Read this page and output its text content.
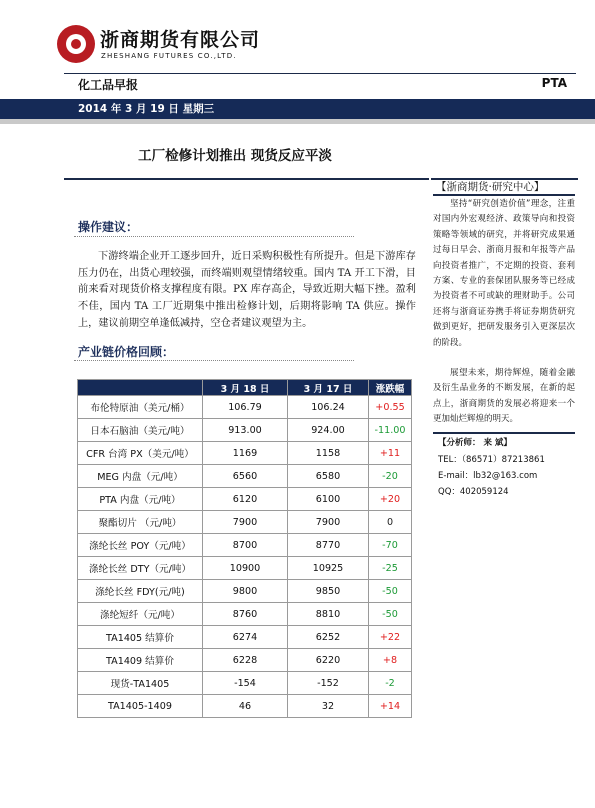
浙商期货有限公司
ZHESHANG FUTURES CO.,LTD.
化工品早报	PTA
2014 年 3 月 19 日 星期三
工厂检修计划推出 现货反应平淡
操作建议：

下游终端企业开工逐步回升，近日采购积极性有所提升。但是下游库存压力仍在，出货心理较强，而终端则观望情绪较重。国内 TA 开工下滑，目前来看对现货价格支撑程度有限。PX 库存高企，导致近期大幅下挫。盈利不佳，国内 TA 工厂近期集中推出检修计划，后期将影响 TA 供应。操作上，建议前期空单逢低减持，空仓者建议观望为主。

产业链价格回顾：
	3 月 18 日	3 月 17 日	涨跌幅
布伦特原油（美元/桶）	106.79	106.24	+0.55
日本石脑油（美元/吨）	913.00	924.00	-11.00
CFR 台湾 PX（美元/吨）	1169	1158	+11
MEG 内盘（元/吨）	6560	6580	-20
PTA 内盘（元/吨）	6120	6100	+20
聚酯切片 （元/吨）	7900	7900	0
涤纶长丝 POY（元/吨）	8700	8770	-70
涤纶长丝 DTY（元/吨）	10900	10925	-25
涤纶长丝 FDY(元/吨)	9800	9850	-50
涤纶短纤（元/吨）	8760	8810	-50
TA1405 结算价	6274	6252	+22
TA1409 结算价	6228	6220	+8
现货-TA1405	-154	-152	-2
TA1405-1409	46	32	+14
【浙商期货·研究中心】

坚持“研究创造价值”理念，注重对国内外宏观经济、政策导向和投资策略等领域的研究，并将研究成果通过每日早会、浙商月报和年报等产品向投资者推广，不定期的投资、套利方案、专业的套保团队服务等已经成为投资者不可或缺的理财助手。公司还将与浙商证券携手将证券期货研究做到更好，把研发服务引入更深层次的阶段。

展望未来，期待辉煌，随着金融及衍生品业务的不断发展，在新的起点上，浙商期货的发展必将迎来一个更加灿烂辉煌的明天。

【分析师： 来 斌】
TEL：（86571）87213861
E-mail：lb32@163.com
QQ：402059124
